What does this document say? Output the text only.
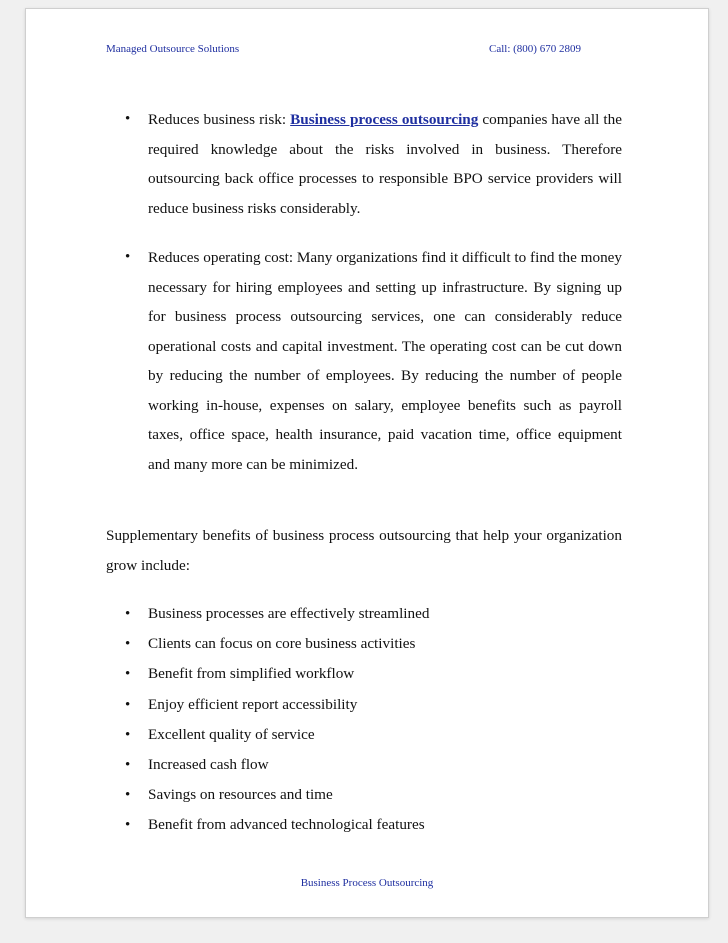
Managed Outsource Solutions	Call: (800) 670 2809
• Reduces business risk: Business process outsourcing companies have all the required knowledge about the risks involved in business. Therefore outsourcing back office processes to responsible BPO service providers will reduce business risks considerably.
• Reduces operating cost: Many organizations find it difficult to find the money necessary for hiring employees and setting up infrastructure. By signing up for business process outsourcing services, one can considerably reduce operational costs and capital investment. The operating cost can be cut down by reducing the number of employees. By reducing the number of people working in-house, expenses on salary, employee benefits such as payroll taxes, office space, health insurance, paid vacation time, office equipment and many more can be minimized.

Supplementary benefits of business process outsourcing that help your organization grow include:

• Business processes are effectively streamlined
• Clients can focus on core business activities
• Benefit from simplified workflow
• Enjoy efficient report accessibility
• Excellent quality of service
• Increased cash flow
• Savings on resources and time
• Benefit from advanced technological features
Business Process Outsourcing
